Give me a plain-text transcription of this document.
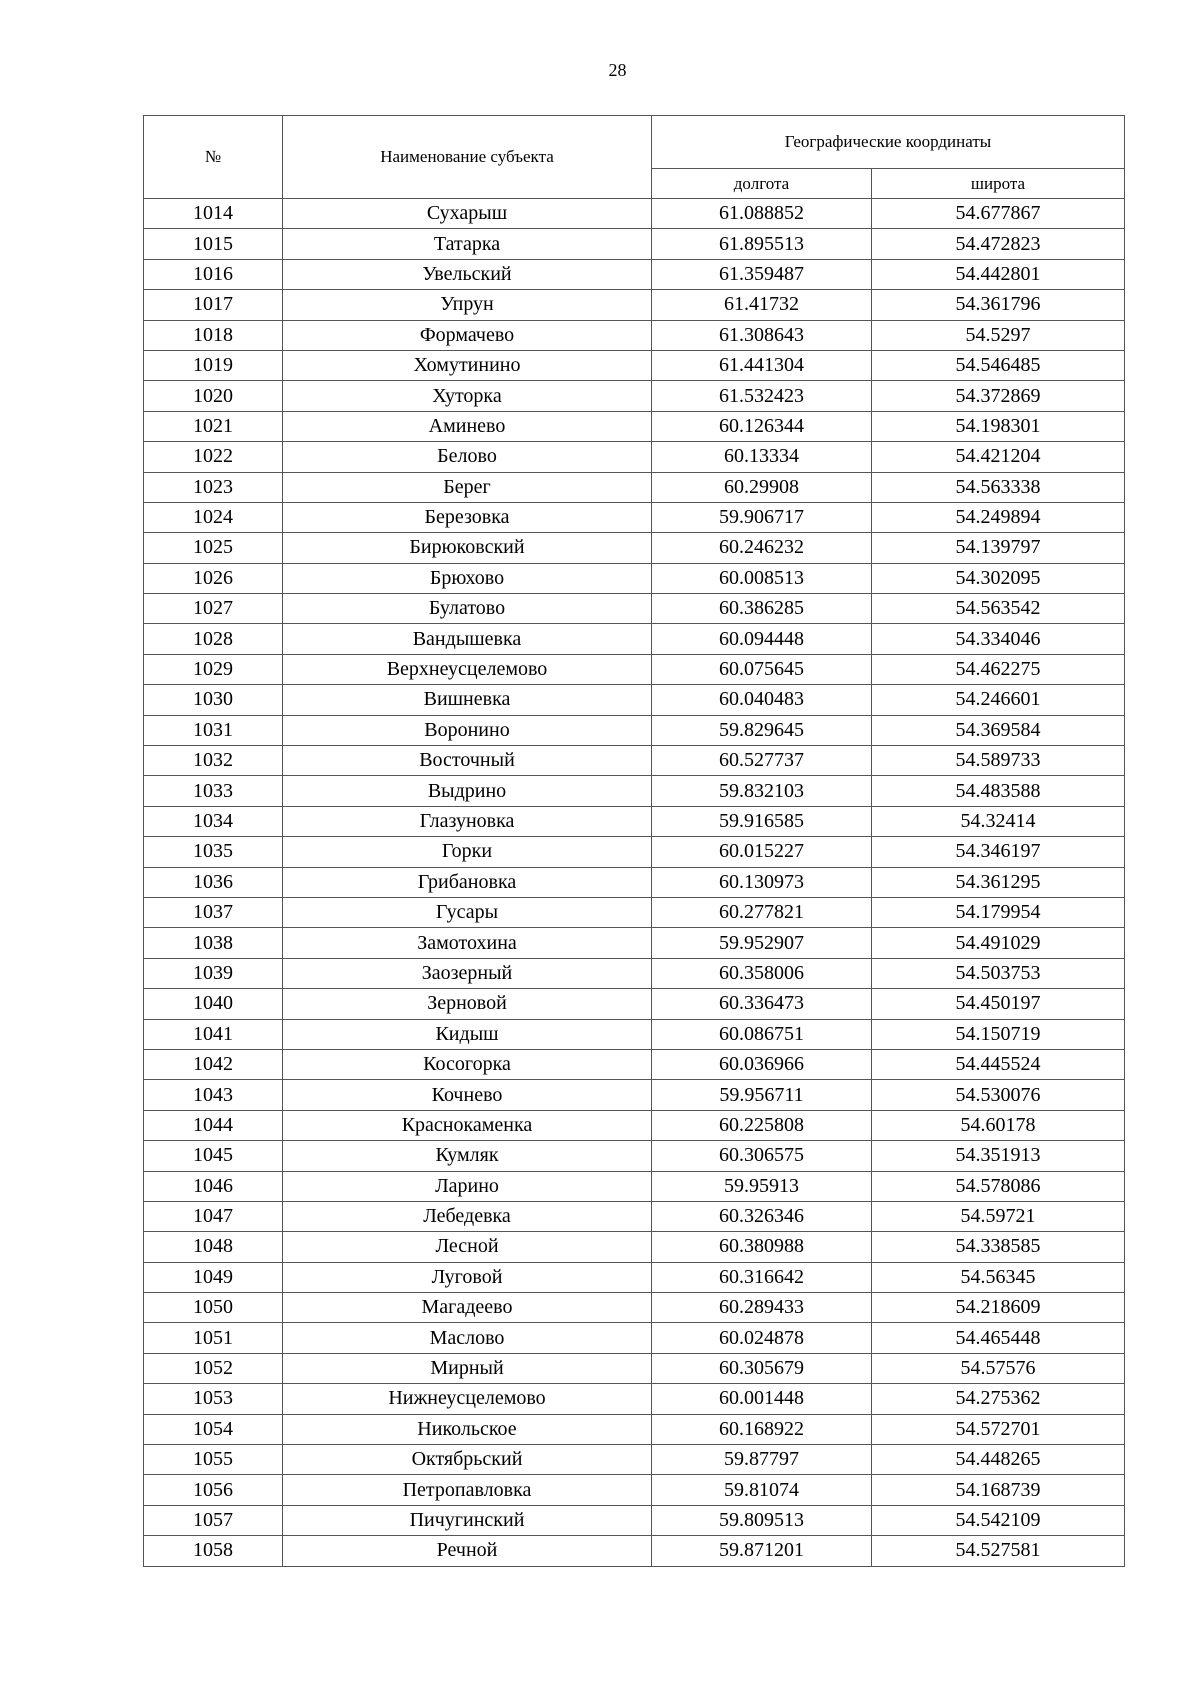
28
№	Наименование субъекта	Географические координаты	
		долгота	широта
1014	Сухарыш	61.088852	54.677867
1015	Татарка	61.895513	54.472823
1016	Увельский	61.359487	54.442801
1017	Упрун	61.41732	54.361796
1018	Формачево	61.308643	54.5297
1019	Хомутинино	61.441304	54.546485
1020	Хуторка	61.532423	54.372869
1021	Аминево	60.126344	54.198301
1022	Белово	60.13334	54.421204
1023	Берег	60.29908	54.563338
1024	Березовка	59.906717	54.249894
1025	Бирюковский	60.246232	54.139797
1026	Брюхово	60.008513	54.302095
1027	Булатово	60.386285	54.563542
1028	Вандышевка	60.094448	54.334046
1029	Верхнеусцелемово	60.075645	54.462275
1030	Вишневка	60.040483	54.246601
1031	Воронино	59.829645	54.369584
1032	Восточный	60.527737	54.589733
1033	Выдрино	59.832103	54.483588
1034	Глазуновка	59.916585	54.32414
1035	Горки	60.015227	54.346197
1036	Грибановка	60.130973	54.361295
1037	Гусары	60.277821	54.179954
1038	Замотохина	59.952907	54.491029
1039	Заозерный	60.358006	54.503753
1040	Зерновой	60.336473	54.450197
1041	Кидыш	60.086751	54.150719
1042	Косогорка	60.036966	54.445524
1043	Кочнево	59.956711	54.530076
1044	Краснокаменка	60.225808	54.60178
1045	Кумляк	60.306575	54.351913
1046	Ларино	59.95913	54.578086
1047	Лебедевка	60.326346	54.59721
1048	Лесной	60.380988	54.338585
1049	Луговой	60.316642	54.56345
1050	Магадеево	60.289433	54.218609
1051	Маслово	60.024878	54.465448
1052	Мирный	60.305679	54.57576
1053	Нижнеусцелемово	60.001448	54.275362
1054	Никольское	60.168922	54.572701
1055	Октябрьский	59.87797	54.448265
1056	Петропавловка	59.81074	54.168739
1057	Пичугинский	59.809513	54.542109
1058	Речной	59.871201	54.527581
